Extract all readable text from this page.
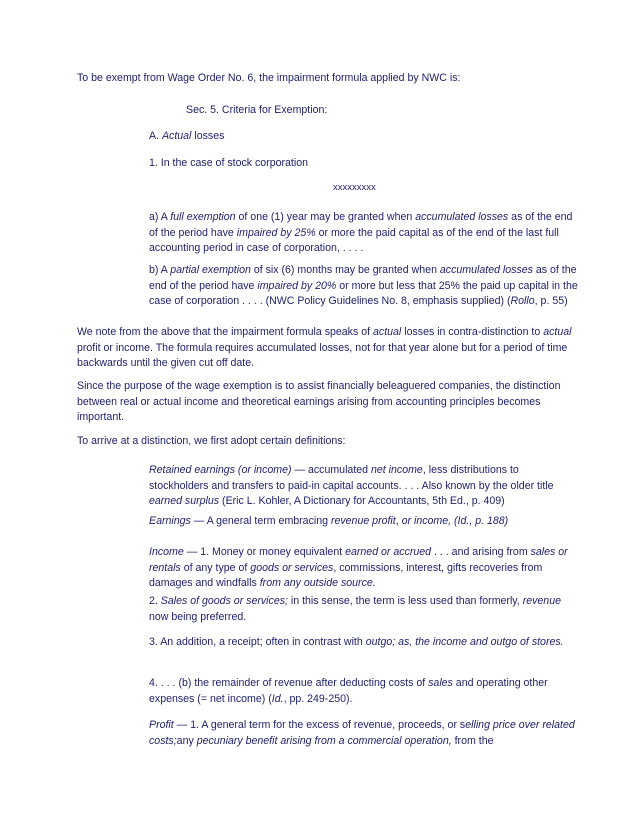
To be exempt from Wage Order No. 6, the impairment formula applied by NWC is:

Sec. 5. Criteria for Exemption:

A. Actual losses

1. In the case of stock corporation

xxxxxxxxx

a) A full exemption of one (1) year may be granted when accumulated losses as of the end of the period have impaired by 25% or more the paid capital as of the end of the last full accounting period in case of corporation, . . . .

b) A partial exemption of six (6) months may be granted when accumulated losses as of the end of the period have impaired by 20% or more but less that 25% the paid up capital in the case of corporation . . . . (NWC Policy Guidelines No. 8, emphasis supplied) (Rollo, p. 55)

We note from the above that the impairment formula speaks of actual losses in contra-distinction to actual profit or income. The formula requires accumulated losses, not for that year alone but for a period of time backwards until the given cut off date.

Since the purpose of the wage exemption is to assist financially beleaguered companies, the distinction between real or actual income and theoretical earnings arising from accounting principles becomes important.

To arrive at a distinction, we first adopt certain definitions:

Retained earnings (or income) — accumulated net income, less distributions to stockholders and transfers to paid-in capital accounts. . . . Also known by the older title earned surplus (Eric L. Kohler, A Dictionary for Accountants, 5th Ed., p. 409)

Earnings — A general term embracing revenue profit, or income, (Id., p. 188)

Income — 1. Money or money equivalent earned or accrued . . . and arising from sales or rentals of any type of goods or services, commissions, interest, gifts recoveries from damages and windfalls from any outside source.

2. Sales of goods or services; in this sense, the term is less used than formerly, revenue now being preferred.

3. An addition, a receipt; often in contrast with outgo; as, the income and outgo of stores.

4. . . . (b) the remainder of revenue after deducting costs of sales and operating other expenses (= net income) (Id., pp. 249-250).

Profit — 1. A general term for the excess of revenue, proceeds, or selling price over related costs;any pecuniary benefit arising from a commercial operation, from the
